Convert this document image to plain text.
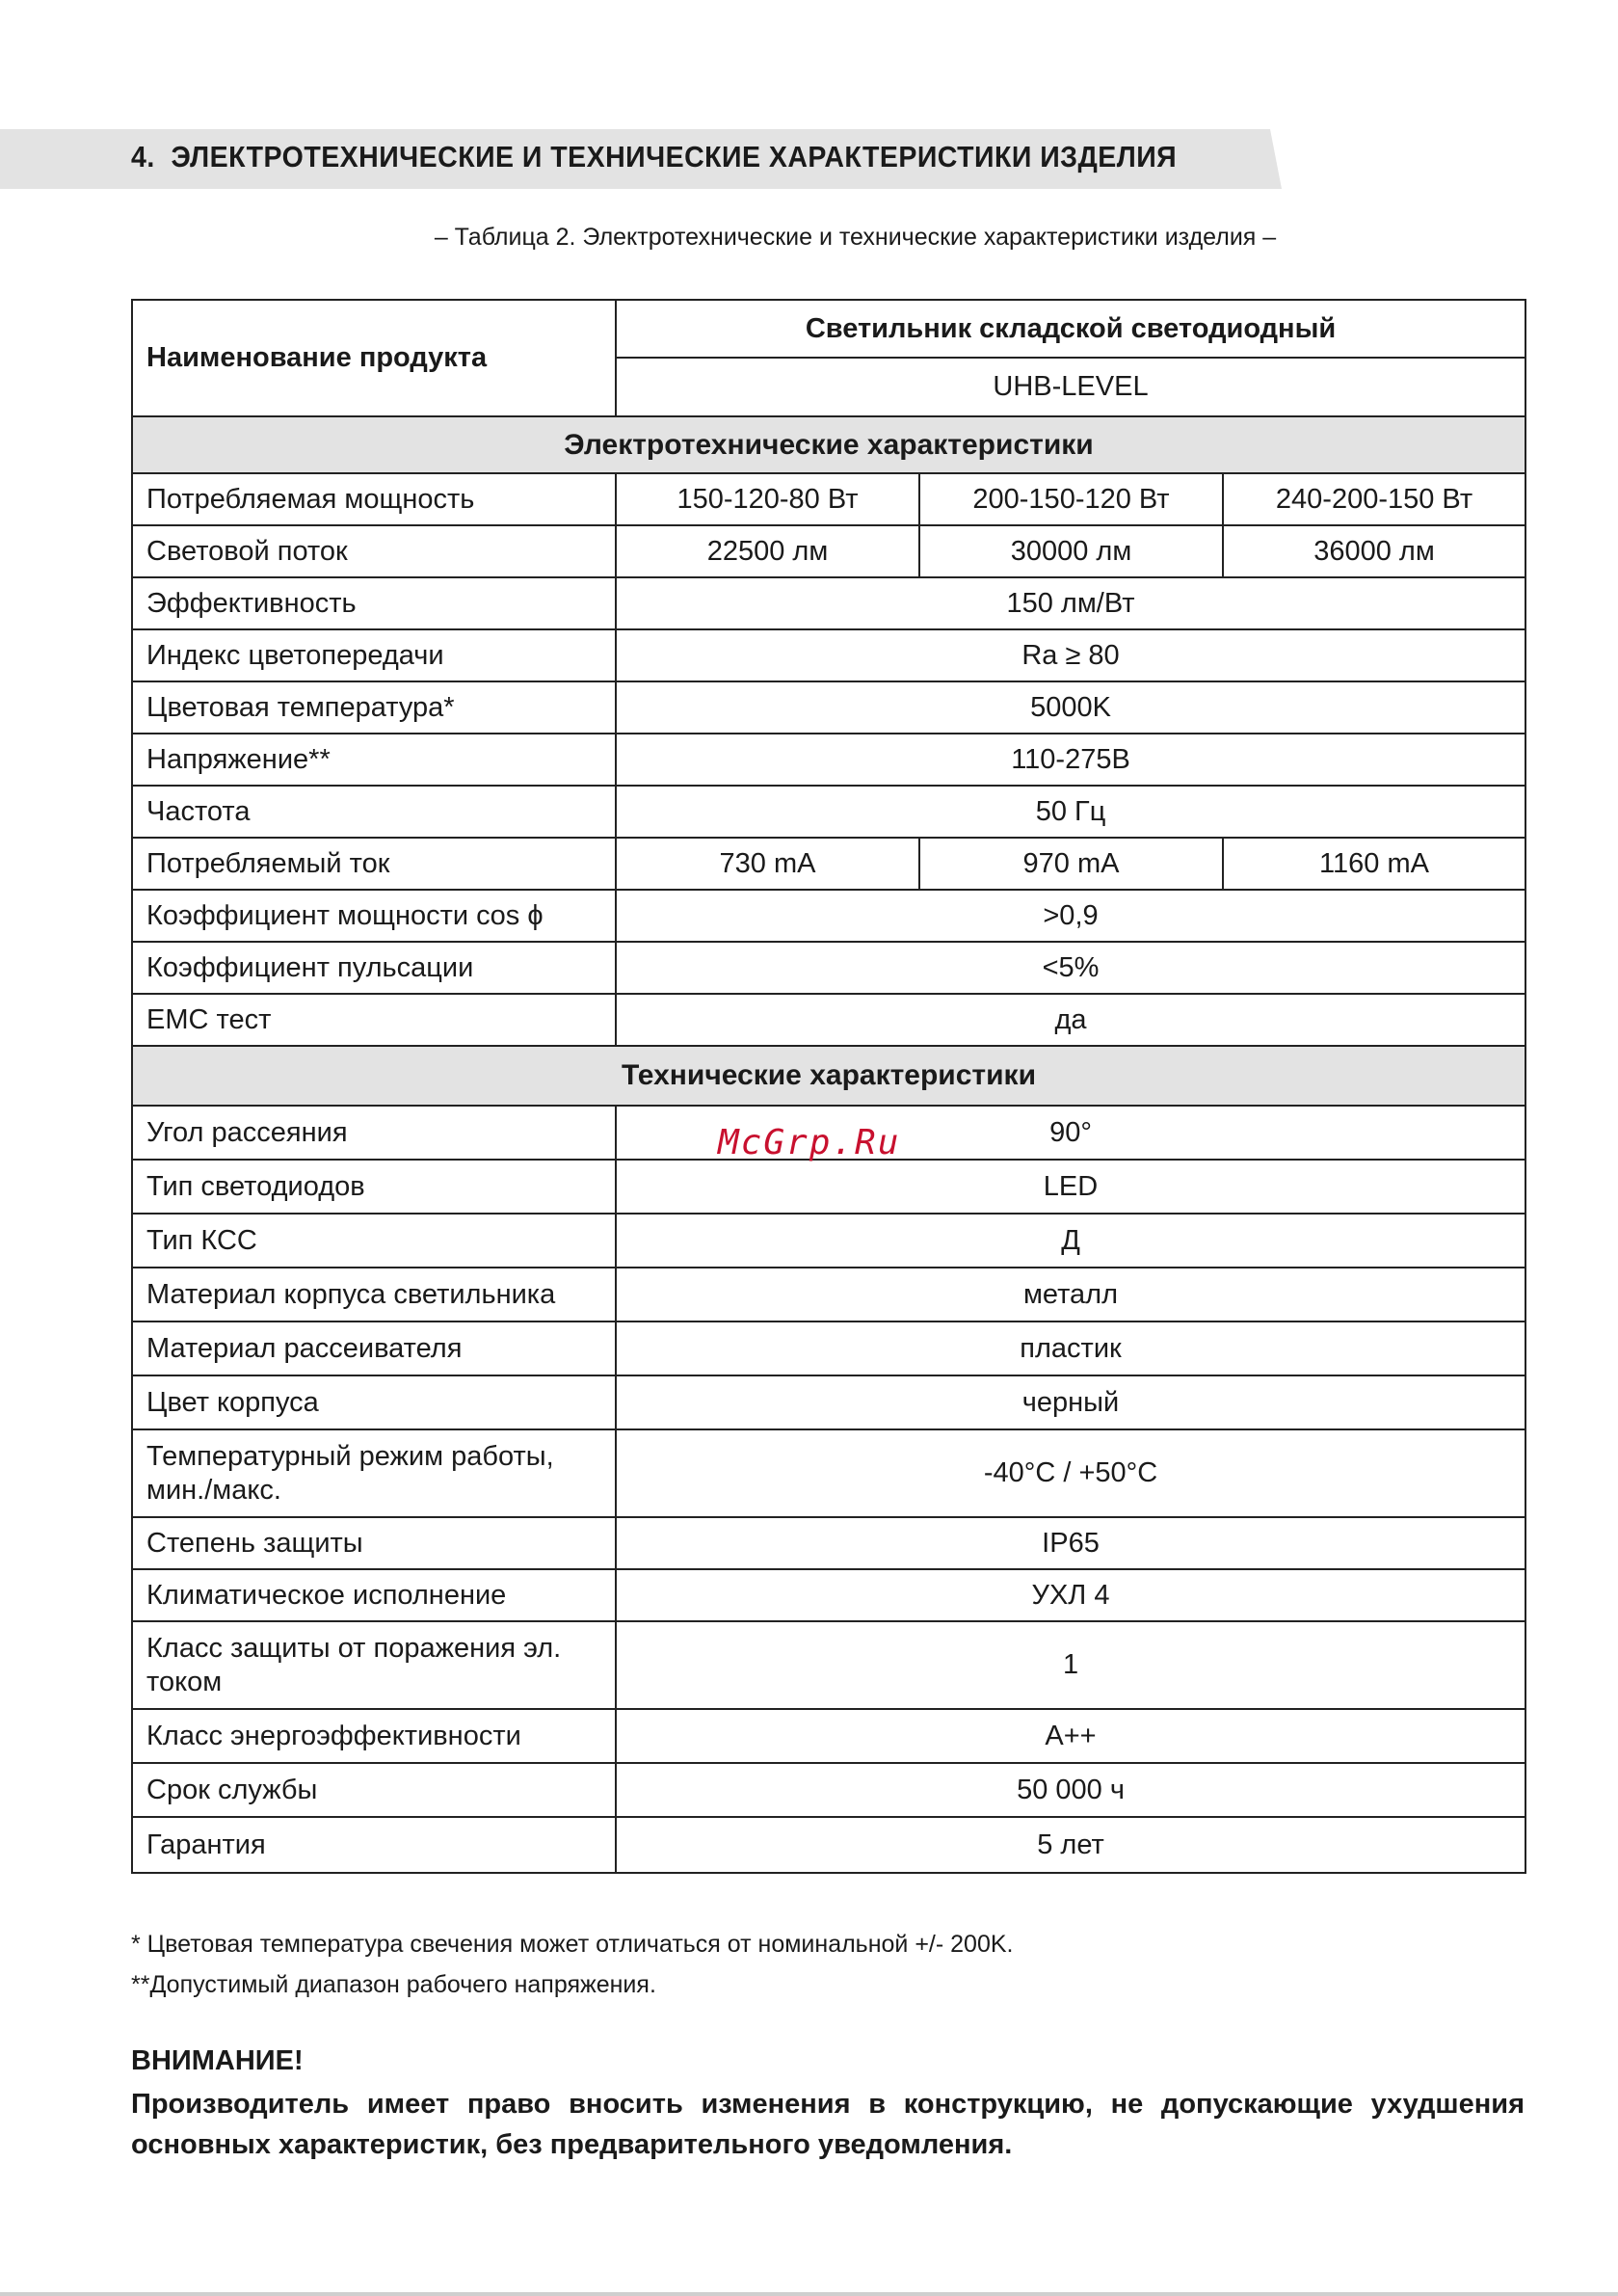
4. ЭЛЕКТРОТЕХНИЧЕСКИЕ И ТЕХНИЧЕСКИЕ ХАРАКТЕРИСТИКИ ИЗДЕЛИЯ
– Таблица 2. Электротехнические и технические характеристики изделия –
Наименование продукта	Светильник складской светодиодный		
	UHB-LEVEL		
Электротехнические характеристики			
Потребляемая мощность	150-120-80 Вт	200-150-120 Вт	240-200-150 Вт
Световой поток	22500 лм	30000 лм	36000 лм
Эффективность	150 лм/Вт		
Индекс цветопередачи	Ra ≥ 80		
Цветовая температура*	5000K		
Напряжение**	110-275В		
Частота	50 Гц		
Потребляемый ток	730 mA	970 mA	1160 mA
Коэффициент мощности cos ϕ	>0,9		
Коэффициент пульсации	<5%		
EMC тест	да		
Технические характеристики			
Угол рассеяния	90°		
Тип светодиодов	LED		
Тип КСС	Д		
Материал корпуса светильника	металл		
Материал рассеивателя	пластик		
Цвет корпуса	черный		
Температурный режим работы, мин./макс.	-40°C / +50°C		
Степень защиты	IP65		
Климатическое исполнение	УХЛ 4		
Класс защиты от поражения эл. током	1		
Класс энергоэффективности	A++		
Срок службы	50 000 ч		
Гарантия	5 лет		
McGrp.Ru
* Цветовая температура свечения может отличаться от номинальной +/- 200K.
**Допустимый диапазон рабочего напряжения.
ВНИМАНИЕ!
Производитель имеет право вносить изменения в конструкцию, не допускающие ухудшения основных характеристик, без предварительного уведомления.
